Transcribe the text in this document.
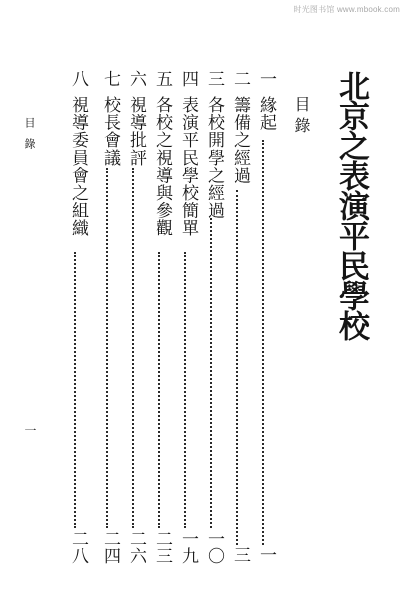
时光图书馆 www.mbook.com
北京之表演平民學校
目錄
一
緣起
一
二
籌備之經過
三
三
各校開學之經過
一〇
四
表演平民學校簡單
一九
五
各校之視導與參觀
二三
六
視導批評
二六
七
校長會議
二四
八
視導委員會之組織
二八
目錄
一
